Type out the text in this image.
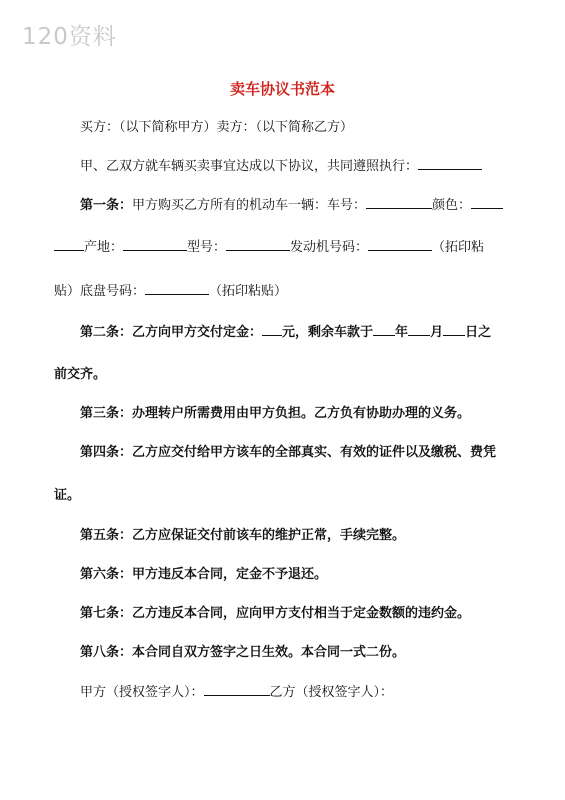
120资料
卖车协议书范本
买方：（以下简称甲方）卖方：（以下简称乙方）
甲、乙双方就车辆买卖事宜达成以下协议，共同遵照执行：
第一条：甲方购买乙方所有的机动车一辆：车号：	颜色：
产地：	型号：	发动机号码：	（拓印粘
贴）底盘号码：	（拓印粘贴）
第二条：乙方向甲方交付定金： 元，剩余车款于 年 月 日之
前交齐。
第三条：办理转户所需费用由甲方负担。乙方负有协助办理的义务。
第四条：乙方应交付给甲方该车的全部真实、有效的证件以及缴税、费凭
证。
第五条：乙方应保证交付前该车的维护正常，手续完整。
第六条：甲方违反本合同，定金不予退还。
第七条：乙方违反本合同，应向甲方支付相当于定金数额的违约金。
第八条：本合同自双方签字之日生效。本合同一式二份。
甲方（授权签字人）：	乙方（授权签字人）：
